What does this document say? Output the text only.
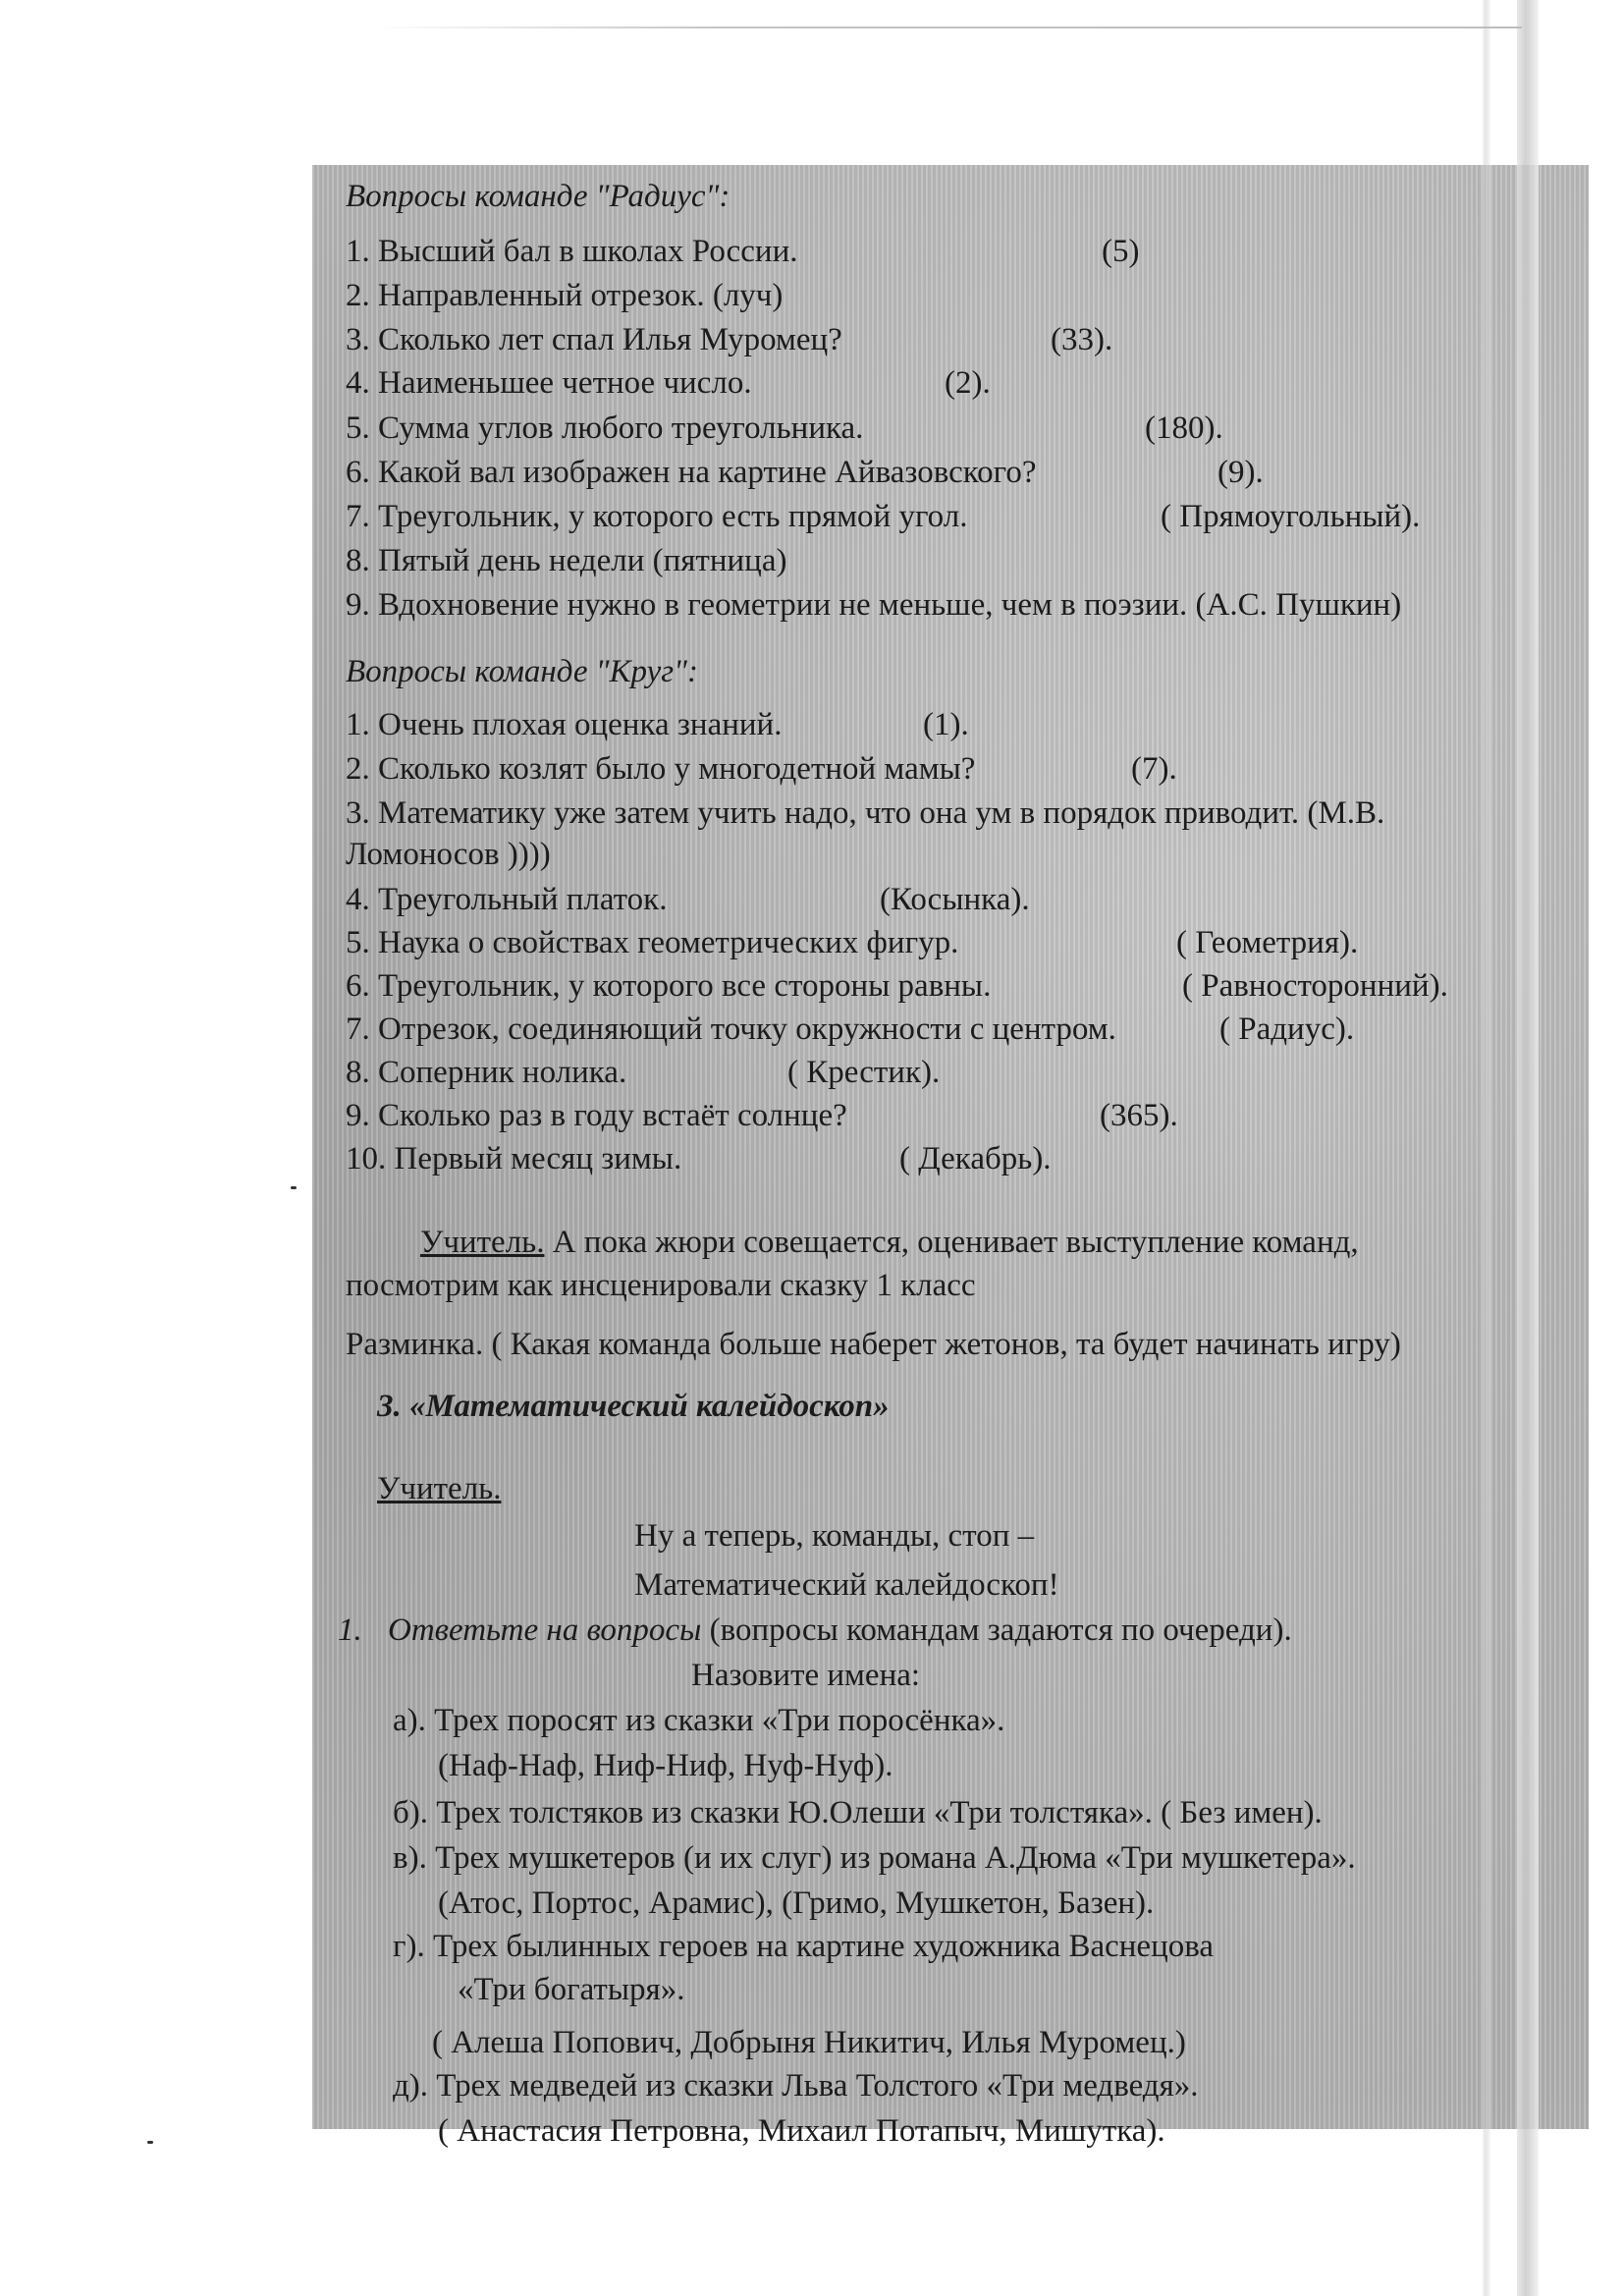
Вопросы команде "Радиус":
1. Высший бал в школах России.	(5)
2. Направленный отрезок. (луч)
3. Сколько лет спал Илья Муромец?	(33).
4. Наименьшее четное число.	(2).
5. Сумма углов любого треугольника.	(180).
6. Какой вал изображен на картине Айвазовского?	(9).
7. Треугольник, у которого есть прямой угол.	( Прямоугольный).
8. Пятый день недели (пятница)
9. Вдохновение нужно в геометрии не меньше, чем в поэзии. (А.С. Пушкин)
Вопросы команде "Круг":
1. Очень плохая оценка знаний.	(1).
2. Сколько козлят было у многодетной мамы?	(7).
3. Математику уже затем учить надо, что она ум в порядок приводит. (М.В.
Ломоносов ))))
4. Треугольный платок.	(Косынка).
5. Наука о свойствах геометрических фигур.	( Геометрия).
6. Треугольник, у которого все стороны равны.	( Равносторонний).
7. Отрезок, соединяющий точку окружности с центром.	( Радиус).
8. Соперник нолика.	( Крестик).
9. Сколько раз в году встаёт солнце?	(365).
10. Первый месяц зимы.	( Декабрь).
Учитель. А пока жюри совещается, оценивает выступление команд,
посмотрим как инсценировали сказку 1 класс
Разминка. ( Какая команда больше наберет жетонов, та будет начинать игру)
3. «Математический калейдоскоп»
Учитель.
Ну а теперь, команды, стоп –
Математический калейдоскоп!
1. Ответьте на вопросы (вопросы командам задаются по очереди).
Назовите имена:
а). Трех поросят из сказки «Три поросёнка».
(Наф-Наф, Ниф-Ниф, Нуф-Нуф).
б). Трех толстяков из сказки Ю.Олеши «Три толстяка». ( Без имен).
в). Трех мушкетеров (и их слуг) из романа А.Дюма «Три мушкетера».
(Атос, Портос, Арамис), (Гримо, Мушкетон, Базен).
г). Трех былинных героев на картине художника Васнецова
«Три богатыря».
( Алеша Попович, Добрыня Никитич, Илья Муромец.)
д). Трех медведей из сказки Льва Толстого «Три медведя».
( Анастасия Петровна, Михаил Потапыч, Мишутка).
